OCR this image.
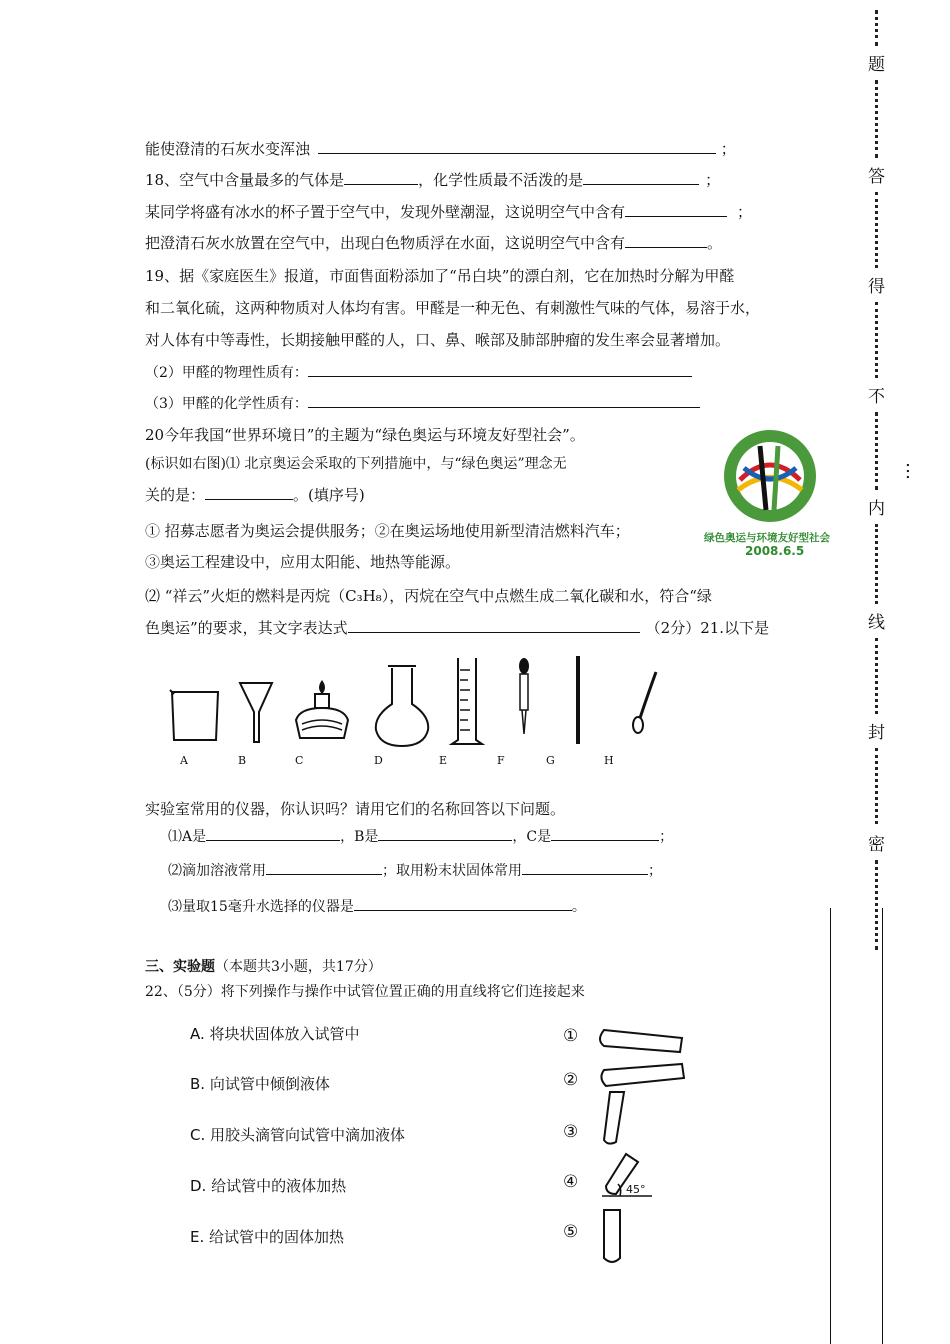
能使澄清的石灰水变浑浊	；
18、空气中含量最多的气体是	，化学性质最不活泼的是	；
某同学将盛有冰水的杯子置于空气中，发现外壁潮湿，这说明空气中含有	；
把澄清石灰水放置在空气中，出现白色物质浮在水面，这说明空气中含有	。
19、据《家庭医生》报道，市面售面粉添加了“吊白块”的漂白剂，它在加热时分解为甲醛
和二氧化硫，这两种物质对人体均有害。甲醛是一种无色、有刺激性气味的气体，易溶于水，
对人体有中等毒性，长期接触甲醛的人，口、鼻、喉部及肺部肿瘤的发生率会显著增加。
（2）甲醛的物理性质有：
（3）甲醛的化学性质有：
20今年我国“世界环境日”的主题为“绿色奥运与环境友好型社会”。
(标识如右图)⑴ 北京奥运会采取的下列措施中，与“绿色奥运”理念无
关的是：	。(填序号)
① 招募志愿者为奥运会提供服务；②在奥运场地使用新型清洁燃料汽车；
③奥运工程建设中，应用太阳能、地热等能源。
⑵ “祥云”火炬的燃料是丙烷（C₃H₈），丙烷在空气中点燃生成二氧化碳和水，符合“绿
色奥运”的要求，其文字表达式	（2分）21.以下是
绿色奥运与环境友好型社会
2008.6.5
A	B	C	D	E	F	G	H
实验室常用的仪器，你认识吗？请用它们的名称回答以下问题。
⑴A是	，B是	，C是	；
⑵滴加溶液常用	；取用粉末状固体常用	；
⑶量取15毫升水选择的仪器是	。
三、实验题（本题共3小题，共17分）
22、（5分）将下列操作与操作中试管位置正确的用直线将它们连接起来
A. 将块状固体放入试管中
B. 向试管中倾倒液体
C. 用胶头滴管向试管中滴加液体
D. 给试管中的液体加热
E. 给试管中的固体加热
①
②
③
④
⑤
45°
题
答
得
不
内
线
封
密
…
